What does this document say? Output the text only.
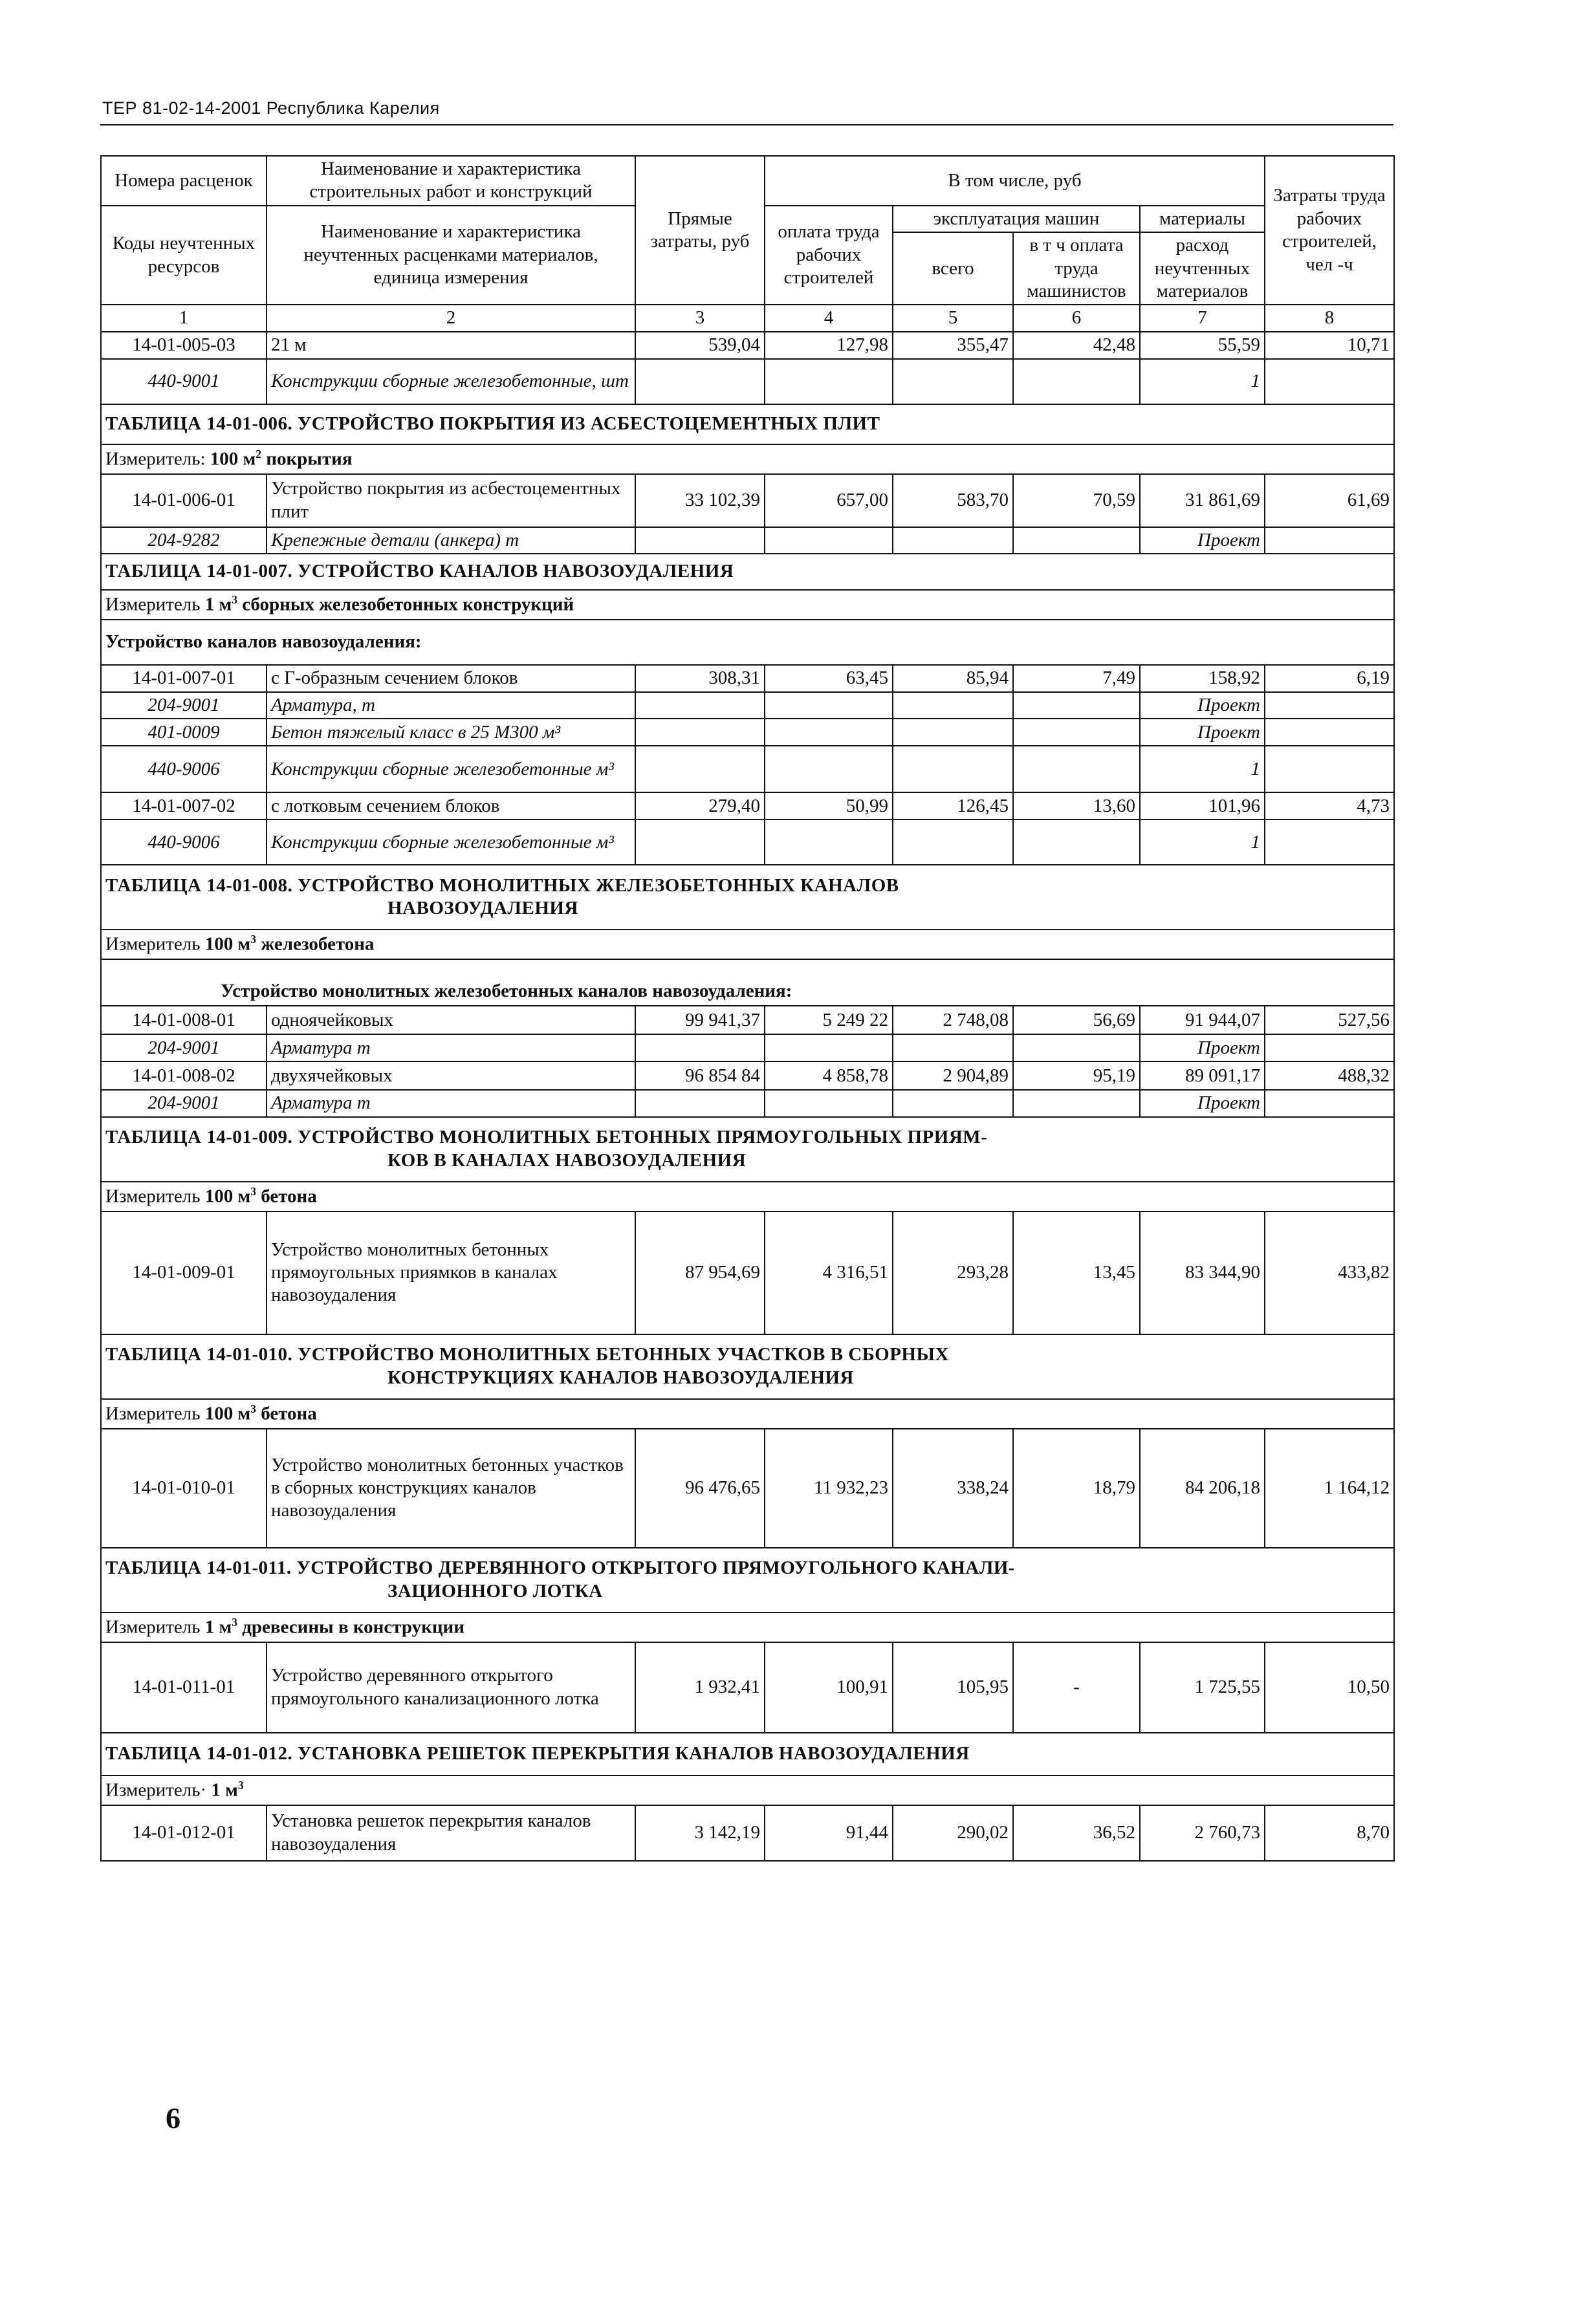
ТЕР 81-02-14-2001 Республика Карелия
Номера расценок	Наименование и характеристика строительных работ и конструкций	Прямые затраты, руб	В том числе, руб				Затраты труда рабочих строителей, чел -ч
Коды неучтенных ресурсов	Наименование и характеристика неучтенных расценками материалов, единица измерения		оплата труда рабочих строителей	эксплуатация машин		материалы	
				всего	в т ч оплата труда машинистов	расход неучтенных материалов	

1	2	3	4	5	6	7	8
14-01-005-03	21 м	539,04	127,98	355,47	42,48	55,59	10,71
440-9001	Конструкции сборные железобетонные, шт					1	
ТАБЛИЦА 14-01-006. УСТРОЙСТВО ПОКРЫТИЯ ИЗ АСБЕСТОЦЕМЕНТНЫХ ПЛИТ							
Измеритель: 100 $м^2$ покрытия							
14-01-006-01	Устройство покрытия из асбестоцементных плит	33 102,39	657,00	583,70	70,59	31 861,69	61,69
204-9282	Крепежные детали (анкера) т					Проект	
ТАБЛИЦА 14-01-007. УСТРОЙСТВО КАНАЛОВ НАВОЗОУДАЛЕНИЯ							
Измеритель 1 $м^3$ сборных железобетонных конструкций							
Устройство каналов навозоудаления:							
14-01-007-01	с Г-образным сечением блоков	308,31	63,45	85,94	7,49	158,92	6,19
204-9001	Арматура, т					Проект	
401-0009	Бетон тяжелый класс в 25 М300 м³					Проект	
440-9006	Конструкции сборные железобетонные м³					1	
14-01-007-02	с лотковым сечением блоков	279,40	50,99	126,45	13,60	101,96	4,73
440-9006	Конструкции сборные железобетонные м³					1	
ТАБЛИЦА 14-01-008. УСТРОЙСТВО МОНОЛИТНЫХ ЖЕЛЕЗОБЕТОННЫХ КАНАЛОВ
НАВОЗОУДАЛЕНИЯ							

Измеритель 100 $м^3$ железобетона							
Устройство монолитных железобетонных каналов навозоудаления:							
14-01-008-01	одноячейковых	99 941,37	5 249 22	2 748,08	56,69	91 944,07	527,56
204-9001	Арматура т					Проект	
14-01-008-02	двухячейковых	96 854 84	4 858,78	2 904,89	95,19	89 091,17	488,32
204-9001	Арматура т					Проект	
ТАБЛИЦА 14-01-009. УСТРОЙСТВО МОНОЛИТНЫХ БЕТОННЫХ ПРЯМОУГОЛЬНЫХ ПРИЯМ-
КОВ В КАНАЛАХ НАВОЗОУДАЛЕНИЯ							

Измеритель 100 $м^3$ бетона							
14-01-009-01	Устройство монолитных бетонных прямоугольных приямков в каналах навозоудаления	87 954,69	4 316,51	293,28	13,45	83 344,90	433,82
ТАБЛИЦА 14-01-010. УСТРОЙСТВО МОНОЛИТНЫХ БЕТОННЫХ УЧАСТКОВ В СБОРНЫХ
КОНСТРУКЦИЯХ КАНАЛОВ НАВОЗОУДАЛЕНИЯ							

Измеритель 100 $м^3$ бетона							
14-01-010-01	Устройство монолитных бетонных участков в сборных конструкциях каналов навозоудаления	96 476,65	11 932,23	338,24	18,79	84 206,18	1 164,12
ТАБЛИЦА 14-01-011. УСТРОЙСТВО ДЕРЕВЯННОГО ОТКРЫТОГО ПРЯМОУГОЛЬНОГО КАНАЛИ-
ЗАЦИОННОГО ЛОТКА							

Измеритель 1 $м^3$ древесины в конструкции							
14-01-011-01	Устройство деревянного открытого прямоугольного канализационного лотка	1 932,41	100,91	105,95	-	1 725,55	10,50
ТАБЛИЦА 14-01-012. УСТАНОВКА РЕШЕТОК ПЕРЕКРЫТИЯ КАНАЛОВ НАВОЗОУДАЛЕНИЯ							
Измеритель· 1 $м^3$
14-01-012-01	Установка решеток перекрытия каналов навозоудаления	3 142,19	91,44	290,02	36,52	2 760,73	8,70
6
